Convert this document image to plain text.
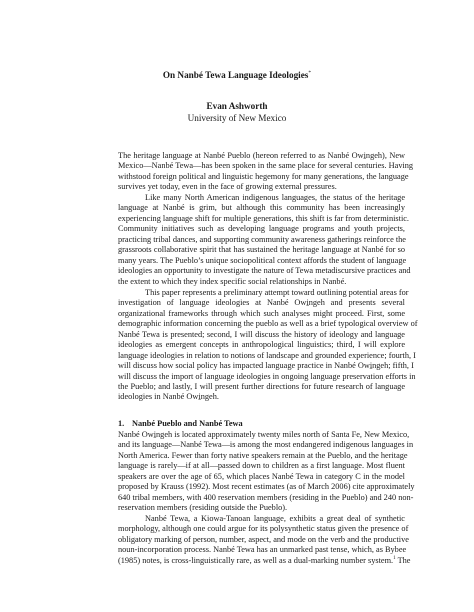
On Nanbé Tewa Language Ideologies*
Evan Ashworth
University of New Mexico
The heritage language at Nanbé Pueblo (hereon referred to as Nanbé Owi̱ngeh), New
Mexico—Nanbé Tewa—has been spoken in the same place for several centuries. Having
withstood foreign political and linguistic hegemony for many generations, the language
survives yet today, even in the face of growing external pressures.
Like many North American indigenous languages, the status of the heritage
language at Nanbé is grim, but although this community has been increasingly
experiencing language shift for multiple generations, this shift is far from deterministic.
Community initiatives such as developing language programs and youth projects,
practicing tribal dances, and supporting community awareness gatherings reinforce the
grassroots collaborative spirit that has sustained the heritage language at Nanbé for so
many years. The Pueblo’s unique sociopolitical context affords the student of language
ideologies an opportunity to investigate the nature of Tewa metadiscursive practices and
the extent to which they index specific social relationships in Nanbé.
This paper represents a preliminary attempt toward outlining potential areas for
investigation of language ideologies at Nanbé Owi̱ngeh and presents several
organizational frameworks through which such analyses might proceed. First, some
demographic information concerning the pueblo as well as a brief typological overview of
Nanbé Tewa is presented; second, I will discuss the history of ideology and language
ideologies as emergent concepts in anthropological linguistics; third, I will explore
language ideologies in relation to notions of landscape and grounded experience; fourth, I
will discuss how social policy has impacted language practice in Nanbé Owi̱ngeh; fifth, I
will discuss the import of language ideologies in ongoing language preservation efforts in
the Pueblo; and lastly, I will present further directions for future research of language
ideologies in Nanbé Owi̱ngeh.
1. Nanbé Pueblo and Nanbé Tewa
Nanbé Owi̱ngeh is located approximately twenty miles north of Santa Fe, New Mexico,
and its language—Nanbé Tewa—is among the most endangered indigenous languages in
North America. Fewer than forty native speakers remain at the Pueblo, and the heritage
language is rarely—if at all—passed down to children as a first language. Most fluent
speakers are over the age of 65, which places Nanbé Tewa in category C in the model
proposed by Krauss (1992). Most recent estimates (as of March 2006) cite approximately
640 tribal members, with 400 reservation members (residing in the Pueblo) and 240 non-
reservation members (residing outside the Pueblo).
Nanbé Tewa, a Kiowa-Tanoan language, exhibits a great deal of synthetic
morphology, although one could argue for its polysynthetic status given the presence of
obligatory marking of person, number, aspect, and mode on the verb and the productive
noun-incorporation process. Nanbé Tewa has an unmarked past tense, which, as Bybee
(1985) notes, is cross-linguistically rare, as well as a dual-marking number system.$^1$ The
